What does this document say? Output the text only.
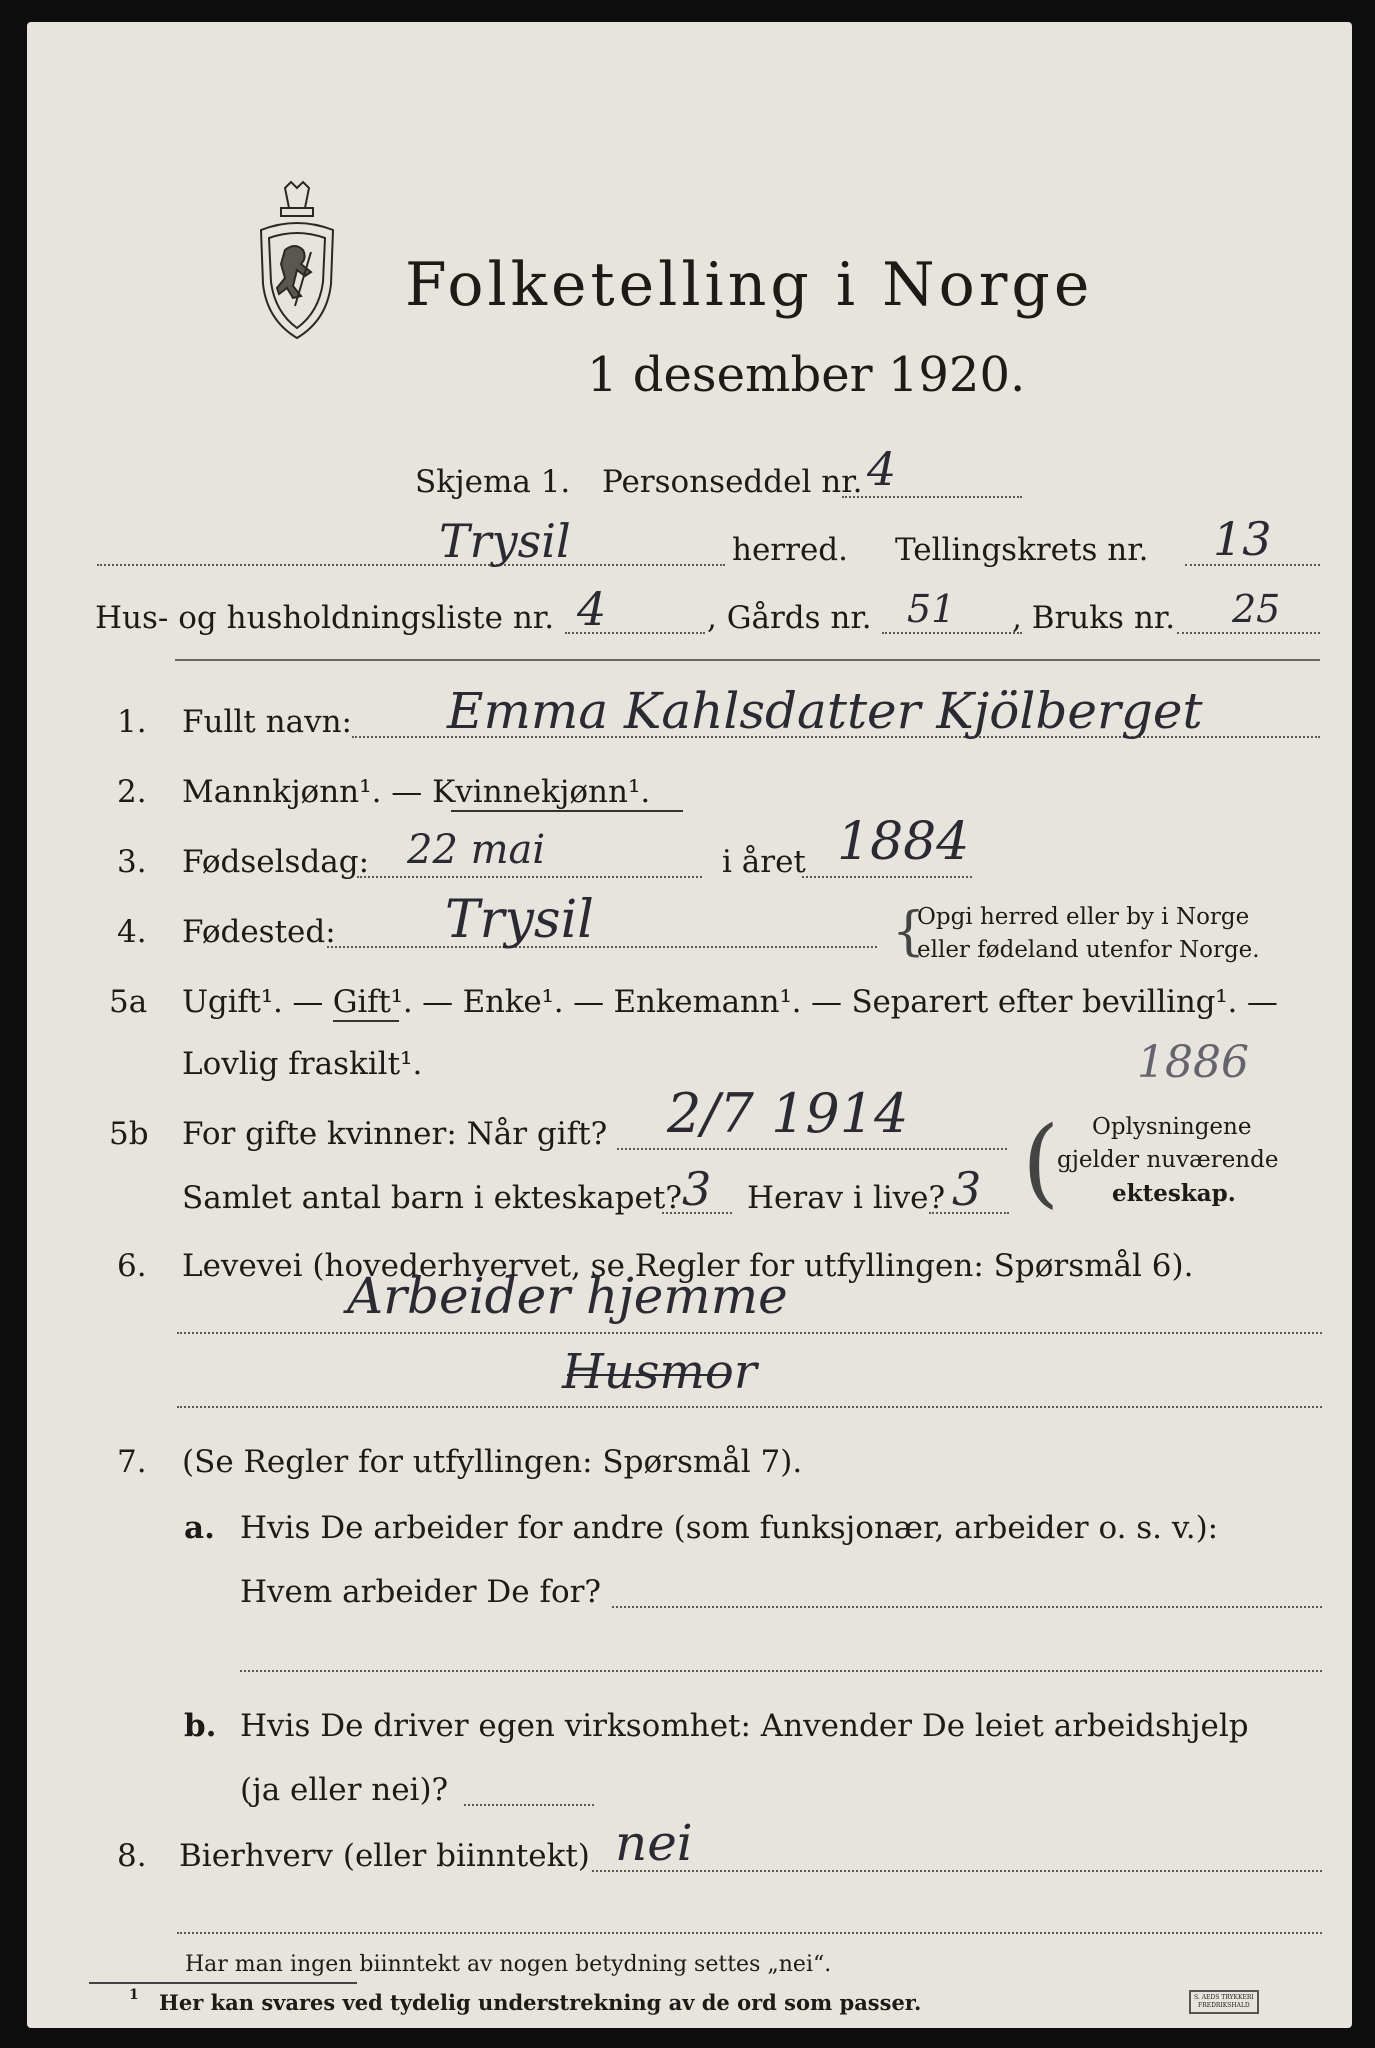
Folketelling i Norge
1 desember 1920.
Skjema 1. Personseddel nr. 4
Trysil	herred. Tellingskrets nr. 13
Hus- og husholdningsliste nr. 4	, Gårds nr. 51 , Bruks nr. 25
1. Fullt navn: Emma Kahlsdatter Kjölberget
2. Mannkjønn¹. — Kvinnekjønn¹.
3. Fødselsdag: 22 mai	i året 1884
4. Fødested: Trysil	{
Opgi herred eller by i Norge
eller fødeland utenfor Norge.
5a Ugift¹. — Gift¹. — Enke¹. — Enkemann¹. — Separert efter bevilling¹. —
Lovlig fraskilt¹.	1886
5b For gifte kvinner: Når gift? 2/7 1914
Samlet antal barn i ekteskapet? 3 Herav i live? 3 ( Oplysningene
gjelder nuværende
ekteskap.
6. Levevei (hovederhvervet, se Regler for utfyllingen: Spørsmål 6).
Arbeider hjemme
Husmor
7. (Se Regler for utfyllingen: Spørsmål 7).
a. Hvis De arbeider for andre (som funksjonær, arbeider o. s. v.):
Hvem arbeider De for?
b. Hvis De driver egen virksomhet: Anvender De leiet arbeidshjelp
(ja eller nei)?
8. Bierhverv (eller biinntekt) nei
Har man ingen biinntekt av nogen betydning settes „nei“.
1 Her kan svares ved tydelig understrekning av de ord som passer.	S. AEDS TRYKKERI
FREDRIKSHALD
